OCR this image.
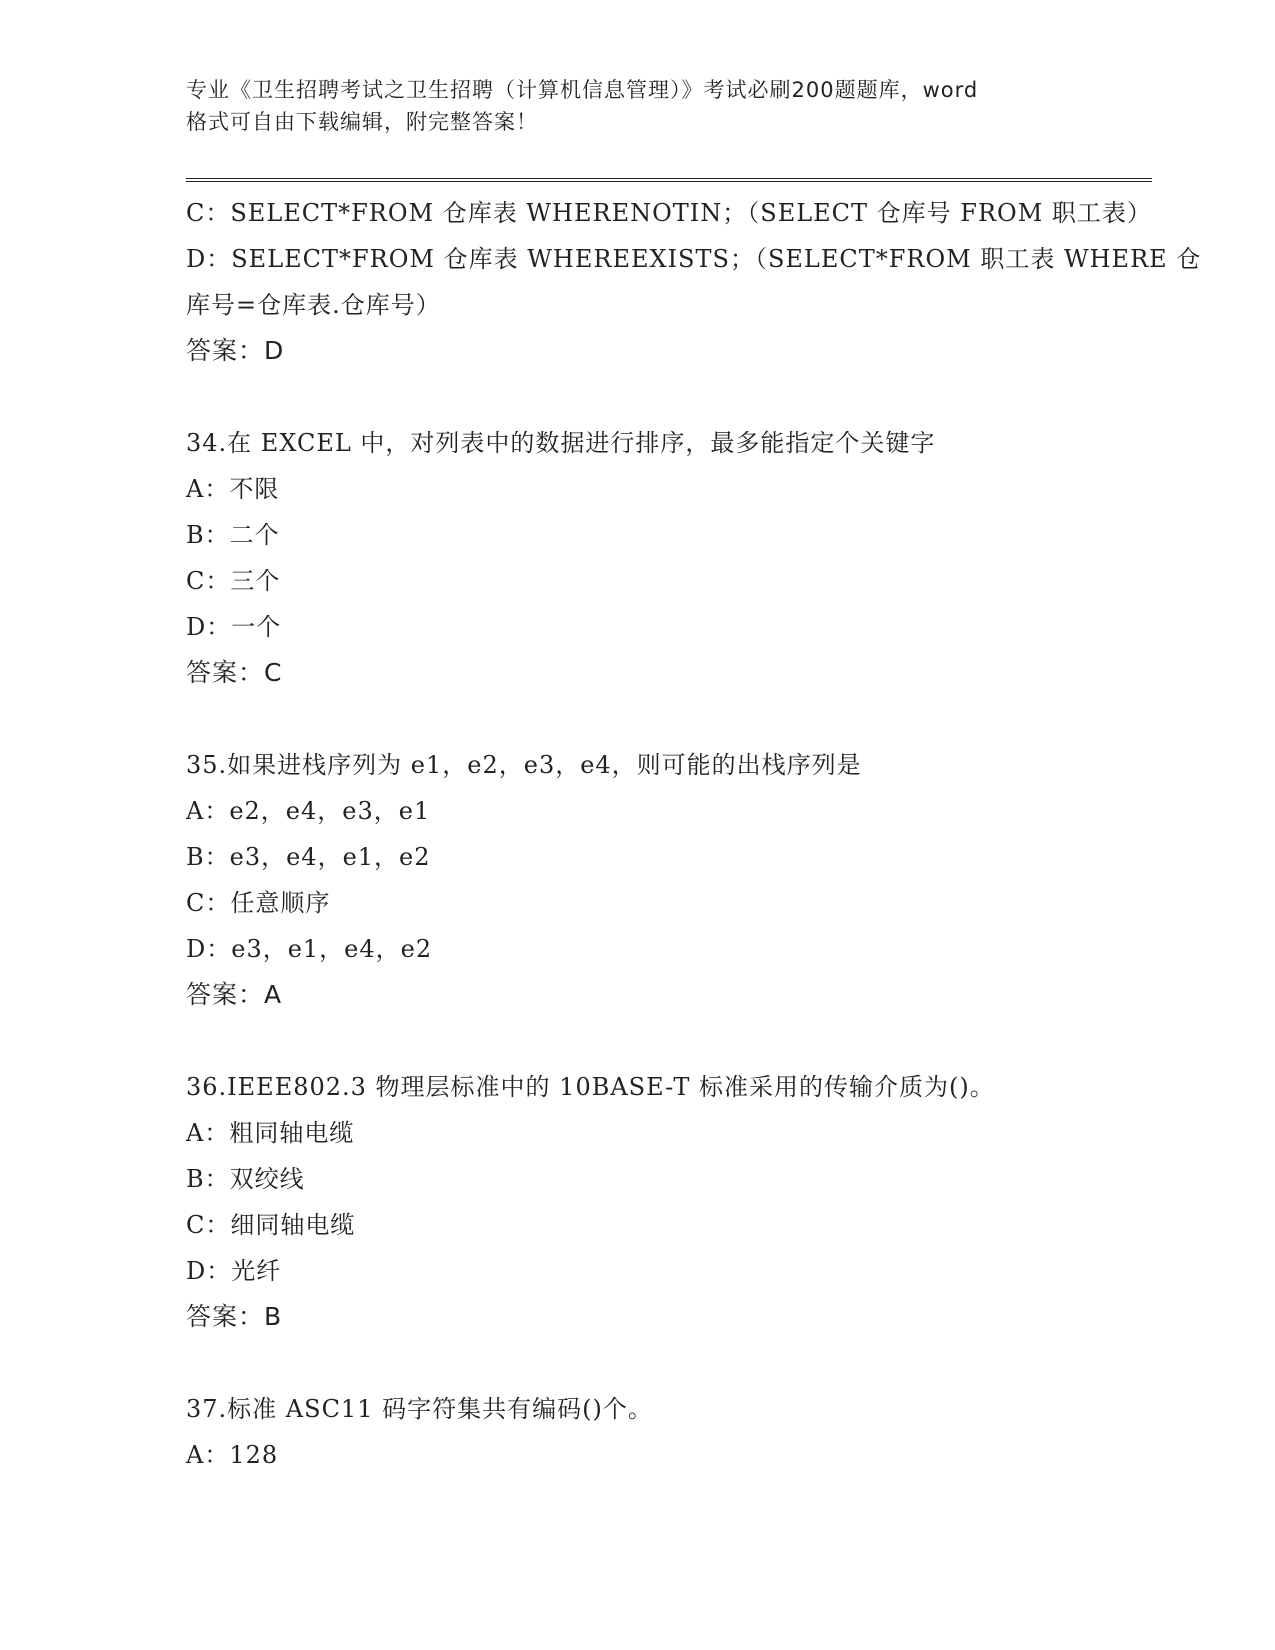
专业《卫生招聘考试之卫生招聘（计算机信息管理）》考试必刷200题题库，word
格式可自由下载编辑，附完整答案！
C：SELECT*FROM 仓库表 WHERENOTIN；（SELECT 仓库号 FROM 职工表）
D：SELECT*FROM 仓库表 WHEREEXISTS；（SELECT*FROM 职工表 WHERE 仓
库号=仓库表.仓库号）
答案：D
34.在 EXCEL 中，对列表中的数据进行排序，最多能指定个关键字
A：不限
B：二个
C：三个
D：一个
答案：C
35.如果进栈序列为 e1，e2，e3，e4，则可能的出栈序列是
A：e2，e4，e3，e1
B：e3，e4，e1，e2
C：任意顺序
D：e3，e1，e4，e2
答案：A
36.IEEE802.3 物理层标准中的 10BASE-T 标准采用的传输介质为()。
A：粗同轴电缆
B：双绞线
C：细同轴电缆
D：光纤
答案：B
37.标准 ASC11 码字符集共有编码()个。
A：128
